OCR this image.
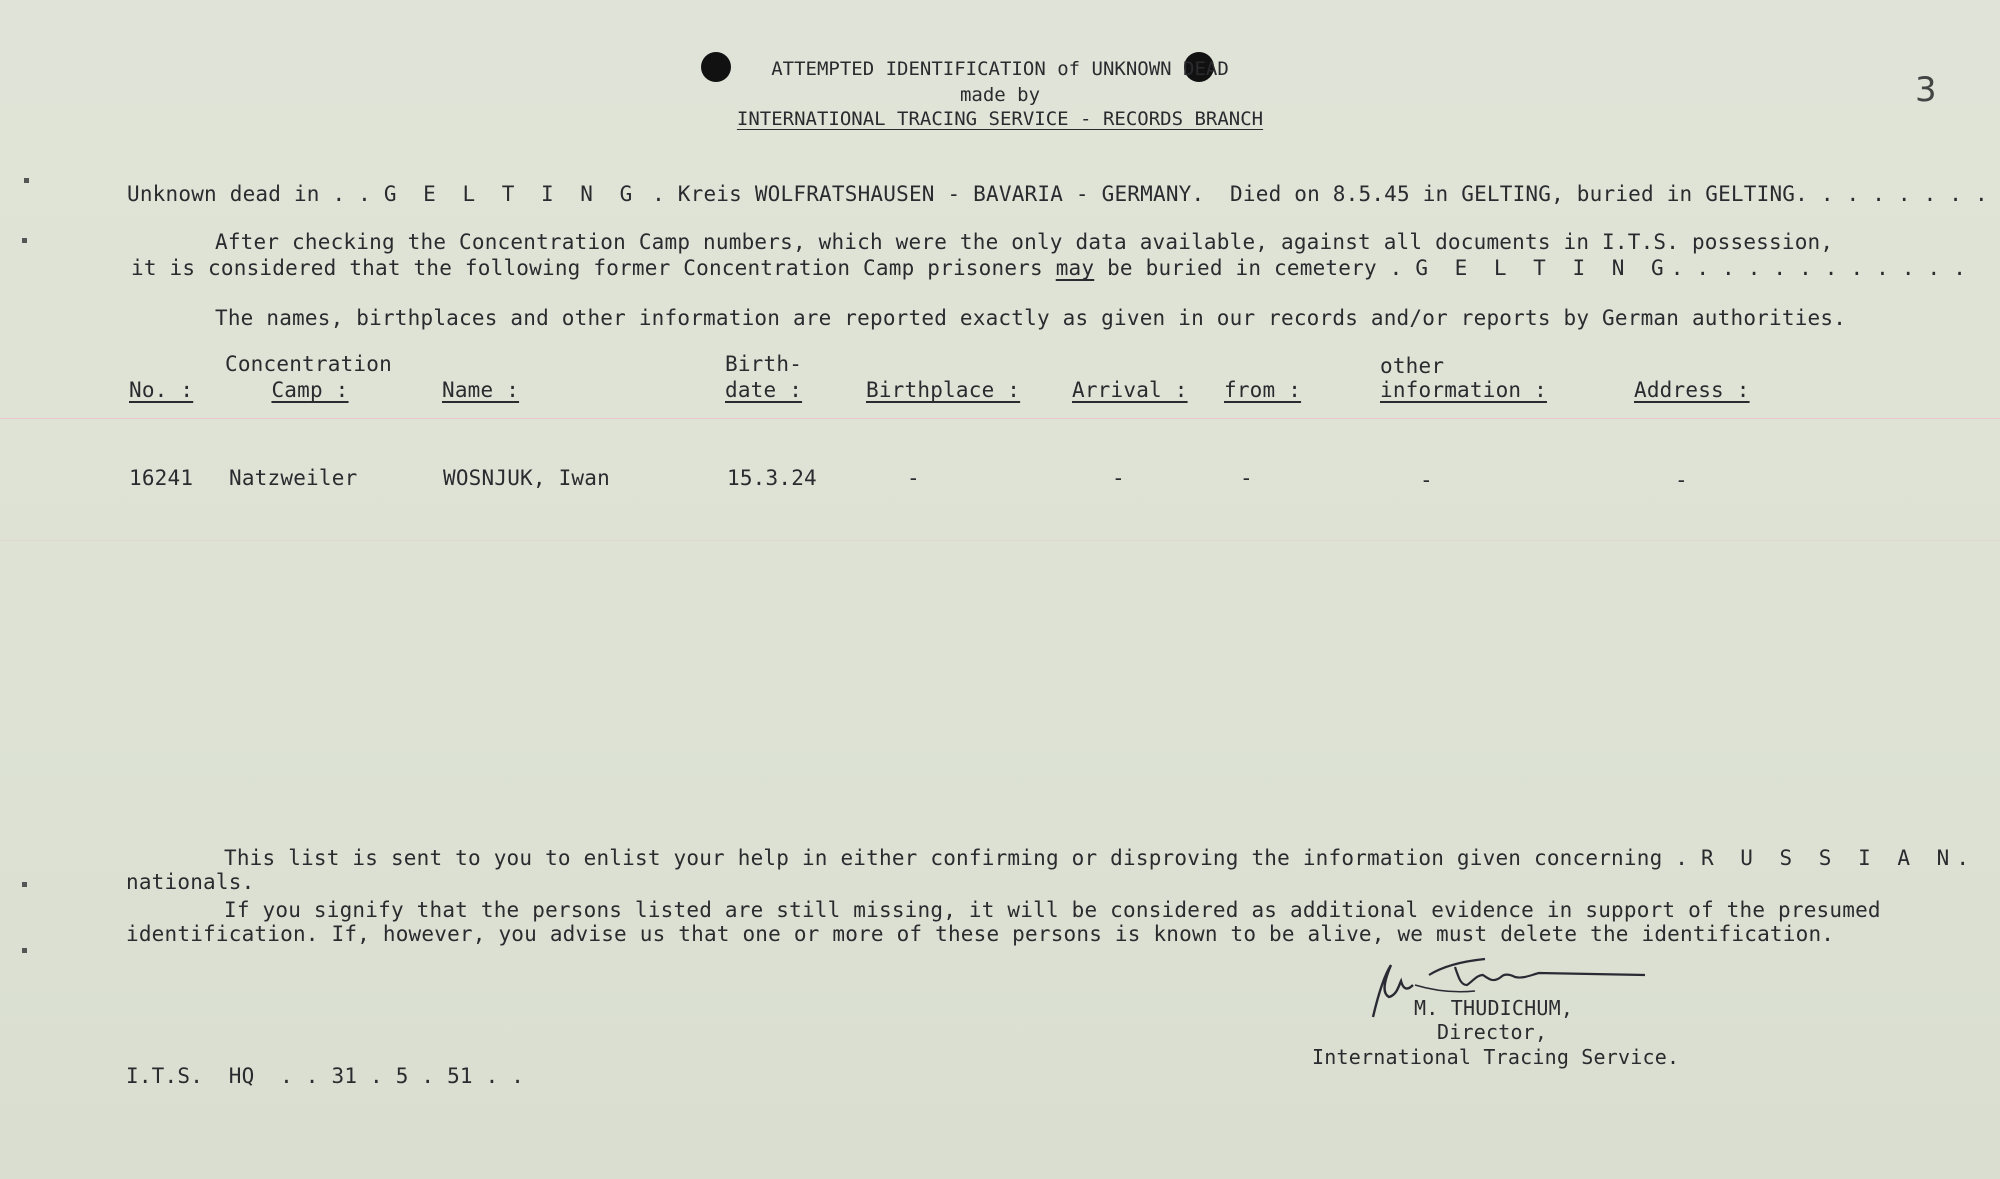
ATTEMPTED IDENTIFICATION of UNKNOWN DEAD
made by
INTERNATIONAL TRACING SERVICE - RECORDS BRANCH
3
Unknown dead in . . G E L T I N G . Kreis WOLFRATSHAUSEN - BAVARIA - GERMANY. Died on 8.5.45 in GELTING, buried in GELTING. . . . . . . .
After checking the Concentration Camp numbers, which were the only data available, against all documents in I.T.S. possession,
it is considered that the following former Concentration Camp prisoners may be buried in cemetery . G E L T I N G. . . . . . . . . . . .
The names, birthplaces and other information are reported exactly as given in our records and/or reports by German authorities.
Concentration	Birth-	other
No. :	Camp :	Name :	date :	Birthplace : Arrival : from :	information :	Address :
16241 Natzweiler	WOSNJUK, Iwan	15.3.24	-	-	-	-	-
This list is sent to you to enlist your help in either confirming or disproving the information given concerning . R U S S I A N.
nationals.
If you signify that the persons listed are still missing, it will be considered as additional evidence in support of the presumed
identification. If, however, you advise us that one or more of these persons is known to be alive, we must delete the identification.
M. THUDICHUM,
Director,
International Tracing Service.
I.T.S.  HQ . . 31 . 5 . 51 . .
